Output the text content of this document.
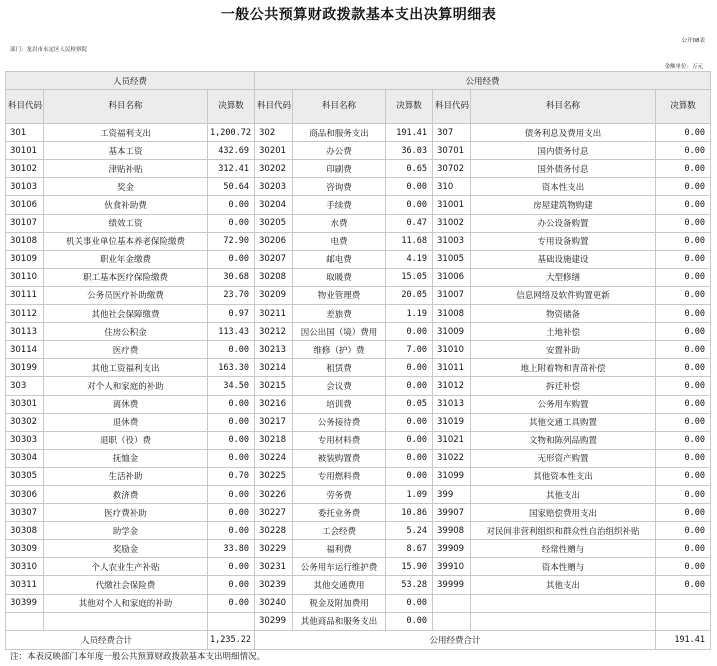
一般公共预算财政拨款基本支出决算明细表
公开08表
部门：龙岩市永定区人民检察院
金额单位：万元
人员经费			公用经费					
科目代码	科目名称	决算数	科目代码	科目名称	决算数	科目代码	科目名称	决算数
301	工资福利支出	1,200.72	302	商品和服务支出	191.41	307	债务利息及费用支出	0.00
30101	基本工资	432.69	30201	办公费	36.03	30701	国内债务付息	0.00
30102	津贴补贴	312.41	30202	印刷费	0.65	30702	国外债务付息	0.00
30103	奖金	50.64	30203	咨询费	0.00	310	资本性支出	0.00
30106	伙食补助费	0.00	30204	手续费	0.00	31001	房屋建筑物购建	0.00
30107	绩效工资	0.00	30205	水费	0.47	31002	办公设备购置	0.00
30108	机关事业单位基本养老保险缴费	72.90	30206	电费	11.68	31003	专用设备购置	0.00
30109	职业年金缴费	0.00	30207	邮电费	4.19	31005	基础设施建设	0.00
30110	职工基本医疗保险缴费	30.68	30208	取暖费	15.05	31006	大型修缮	0.00
30111	公务员医疗补助缴费	23.70	30209	物业管理费	20.05	31007	信息网络及软件购置更新	0.00
30112	其他社会保障缴费	0.97	30211	差旅费	1.19	31008	物资储备	0.00
30113	住房公积金	113.43	30212	因公出国（境）费用	0.00	31009	土地补偿	0.00
30114	医疗费	0.00	30213	维修（护）费	7.00	31010	安置补助	0.00
30199	其他工资福利支出	163.30	30214	租赁费	0.00	31011	地上附着物和青苗补偿	0.00
303	对个人和家庭的补助	34.50	30215	会议费	0.00	31012	拆迁补偿	0.00
30301	离休费	0.00	30216	培训费	0.05	31013	公务用车购置	0.00
30302	退休费	0.00	30217	公务接待费	0.00	31019	其他交通工具购置	0.00
30303	退职（役）费	0.00	30218	专用材料费	0.00	31021	文物和陈列品购置	0.00
30304	抚恤金	0.00	30224	被装购置费	0.00	31022	无形资产购置	0.00
30305	生活补助	0.70	30225	专用燃料费	0.00	31099	其他资本性支出	0.00
30306	救济费	0.00	30226	劳务费	1.09	399	其他支出	0.00
30307	医疗费补助	0.00	30227	委托业务费	10.86	39907	国家赔偿费用支出	0.00
30308	助学金	0.00	30228	工会经费	5.24	39908	对民间非营利组织和群众性自治组织补贴	0.00
30309	奖励金	33.80	30229	福利费	8.67	39909	经常性赠与	0.00
30310	个人农业生产补贴	0.00	30231	公务用车运行维护费	15.90	39910	资本性赠与	0.00
30311	代缴社会保险费	0.00	30239	其他交通费用	53.28	39999	其他支出	0.00
30399	其他对个人和家庭的补助	0.00	30240	税金及附加费用	0.00			
			30299	其他商品和服务支出	0.00			
人员经费合计		1,235.22	公用经费合计					191.41
注：本表反映部门本年度一般公共预算财政拨款基本支出明细情况。
